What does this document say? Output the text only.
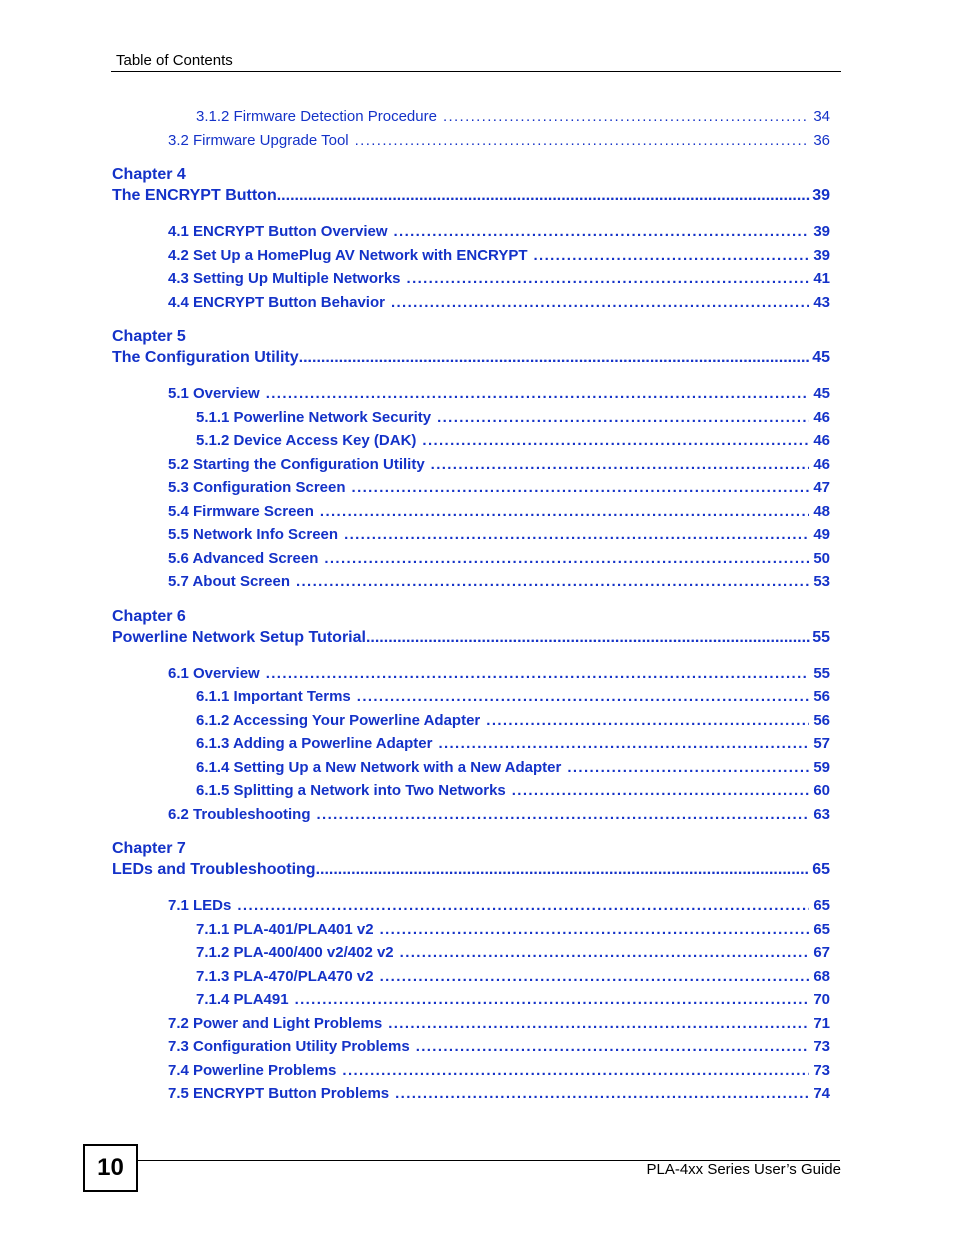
Table of Contents
3.1.2 Firmware Detection Procedure . . .	34
3.2 Firmware Upgrade Tool . . .	36
Chapter 4
The ENCRYPT Button .....	39
4.1 ENCRYPT Button Overview . . .	39
4.2 Set Up a HomePlug AV Network with ENCRYPT . . .	39
4.3 Setting Up Multiple Networks . . .	41
4.4 ENCRYPT Button Behavior . . .	43
Chapter 5
The Configuration Utility .....	45
5.1 Overview . . .	45
5.1.1 Powerline Network Security . . .	46
5.1.2 Device Access Key (DAK) . . .	46
5.2 Starting the Configuration Utility . . .	46
5.3 Configuration Screen . . .	47
5.4 Firmware Screen . . .	48
5.5 Network Info Screen . . .	49
5.6 Advanced Screen . . .	50
5.7 About Screen . . .	53
Chapter 6
Powerline Network Setup Tutorial .....	55
6.1 Overview . . .	55
6.1.1 Important Terms . . .	56
6.1.2 Accessing Your Powerline Adapter . . .	56
6.1.3 Adding a Powerline Adapter . . .	57
6.1.4 Setting Up a New Network with a New Adapter . . .	59
6.1.5 Splitting a Network into Two Networks . . .	60
6.2 Troubleshooting . . .	63
Chapter 7
LEDs and Troubleshooting .....	65
7.1 LEDs . . .	65
7.1.1 PLA-401/PLA401 v2 . . .	65
7.1.2 PLA-400/400 v2/402 v2 . . .	67
7.1.3 PLA-470/PLA470 v2 . . .	68
7.1.4 PLA491 . . .	70
7.2 Power and Light Problems . . .	71
7.3 Configuration Utility Problems . . .	73
7.4 Powerline Problems . . .	73
7.5 ENCRYPT Button Problems . . .	74
10	PLA-4xx Series User’s Guide
